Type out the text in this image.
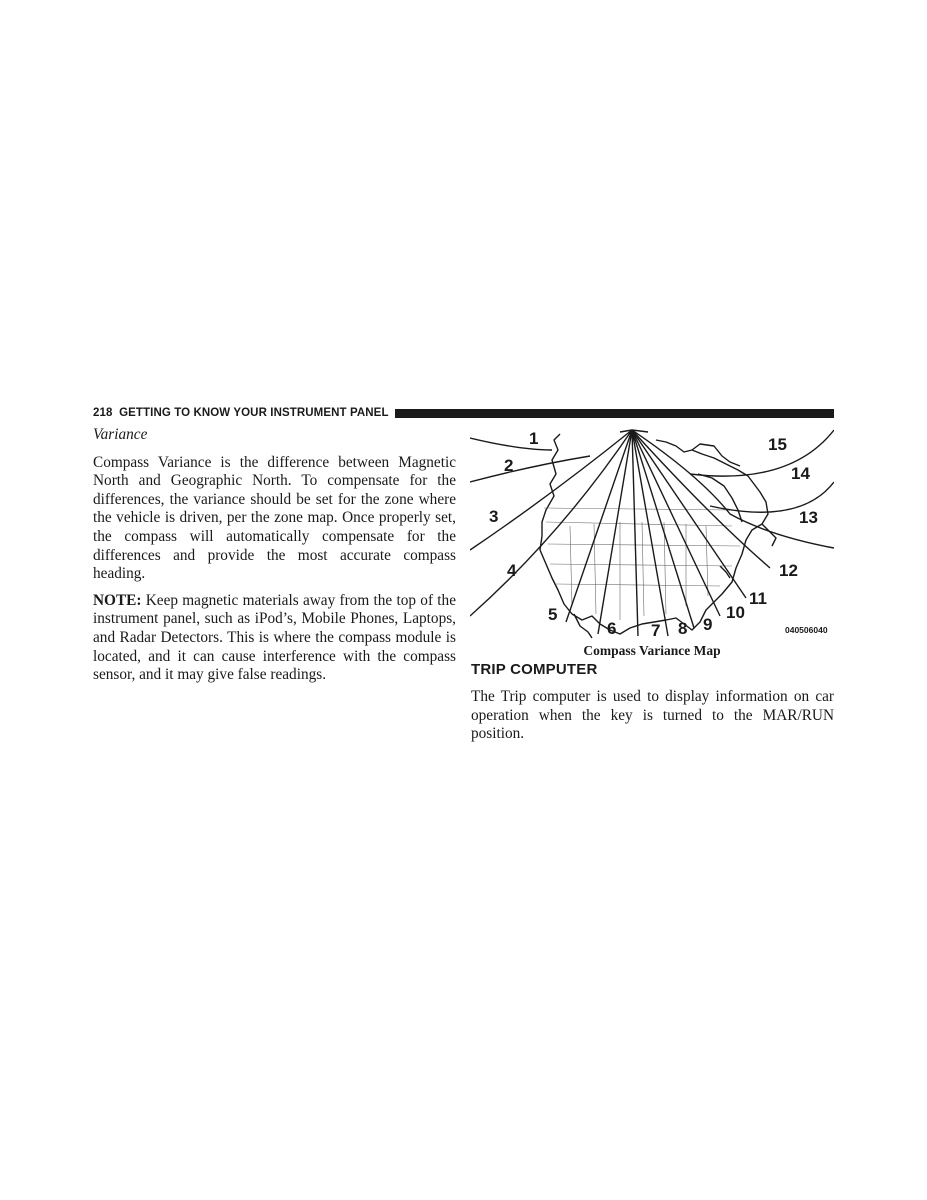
218 GETTING TO KNOW YOUR INSTRUMENT PANEL

Variance

Compass Variance is the difference between Magnetic North and Geographic North. To compensate for the differences, the variance should be set for the zone where the vehicle is driven, per the zone map. Once properly set, the compass will automatically compensate for the differences and provide the most accurate compass heading.

NOTE: Keep magnetic materials away from the top of the instrument panel, such as iPod’s, Mobile Phones, Laptops, and Radar Detectors. This is where the compass module is located, and it can cause interference with the compass sensor, and it may give false readings.

1
2
3
4
5
6 7 8 9
10
11
12
13
14
15
040506040
Compass Variance Map
TRIP COMPUTER

The Trip computer is used to display information on car operation when the key is turned to the MAR/RUN position.
